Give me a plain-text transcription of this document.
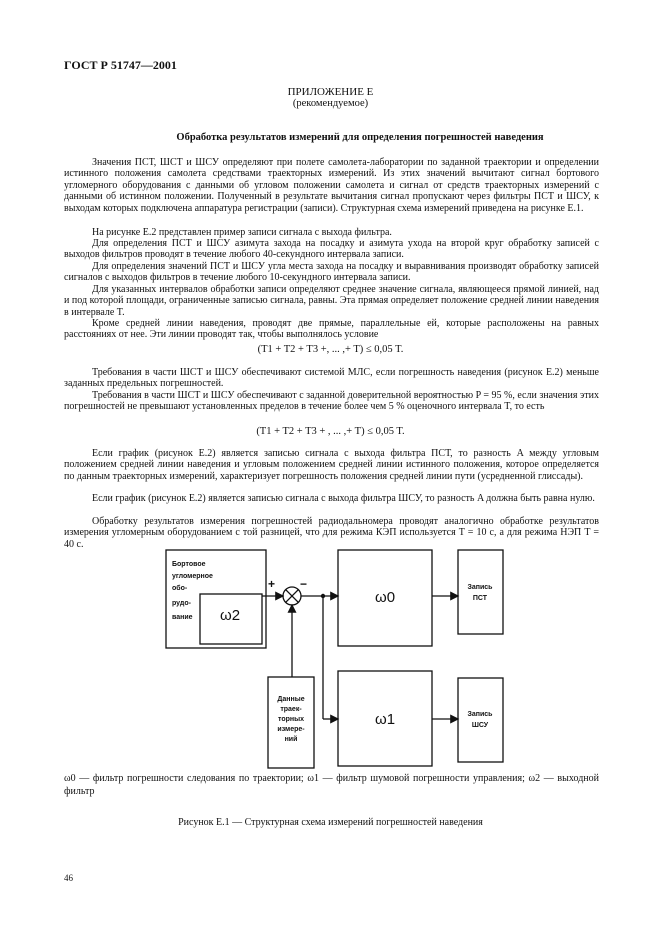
ГОСТ Р 51747—2001
ПРИЛОЖЕНИЕ Е
(рекомендуемое)
Обработка результатов измерений для определения погрешностей наведения

Значения ПСТ, ШСТ и ШСУ определяют при полете самолета-лаборатории по заданной траектории и определении истинного положения самолета средствами траекторных измерений. Из этих значений вычитают сигнал бортового угломерного оборудования с данными об угловом положении самолета и сигнал от средств траекторных измерений с данными об истинном положении. Полученный в результате вычитания сигнал пропускают через фильтры ПСТ и ШСУ, к выходам которых подключена аппаратура регистрации (записи). Структурная схема измерений приведена на рисунке Е.1.

На рисунке Е.2 представлен пример записи сигнала с выхода фильтра.

Для определения ПСТ и ШСУ азимута захода на посадку и азимута ухода на второй круг обработку записей с выходов фильтров проводят в течение любого 40-секундного интервала записи.

Для определения значений ПСТ и ШСУ угла места захода на посадку и выравнивания производят обработку записей сигналов с выходов фильтров в течение любого 10-секундного интервала записи.

Для указанных интервалов обработки записи определяют среднее значение сигнала, являющееся прямой линией, над и под которой площади, ограниченные записью сигнала, равны. Эта прямая определяет положение средней линии наведения в интервале T.

Кроме средней линии наведения, проводят две прямые, параллельные ей, которые расположены на равных расстояниях от нее. Эти линии проводят так, чтобы выполнялось условие

(T1 + T2 + T3 +, ... ,+ T) ≤ 0,05 T.

Требования в части ШСТ и ШСУ обеспечивают системой МЛС, если погрешность наведения (рисунок Е.2) меньше заданных предельных погрешностей.

Требования в части ШСТ и ШСУ обеспечивают с заданной доверительной вероятностью P = 95 %, если значения этих погрешностей не превышают установленных пределов в течение более чем 5 % оценочного интервала T, то есть

(T1 + T2 + T3 + , ... ,+ T) ≤ 0,05 T.

Если график (рисунок Е.2) является записью сигнала с выхода фильтра ПСТ, то разность A между угловым положением средней линии наведения и угловым положением средней линии истинного положения, которое определяется по данным траекторных измерений, характеризует погрешность положения средней линии пути (усредненной глиссады).

Если график (рисунок Е.2) является записью сигнала с выхода фильтра ШСУ, то разность A должна быть равна нулю.

Обработку результатов измерения погрешностей радиодальномера проводят аналогично обработке результатов измерения угломерным оборудованием с той разницей, что для режима КЭП используется T = 10 с, а для режима НЭП T = 40 с.

Бортовое
угломерное
обо-
рудо-
вание ω2
ω0
ω1
+ −	Запись
ПСТ
Запись
ШСУ
Данные
траек-
торных
измере-
ний

ω0 — фильтр погрешности следования по траектории; ω1 — фильтр шумовой погрешности управления; ω2 — выходной фильтр

Рисунок Е.1 — Структурная схема измерений погрешностей наведения
46
